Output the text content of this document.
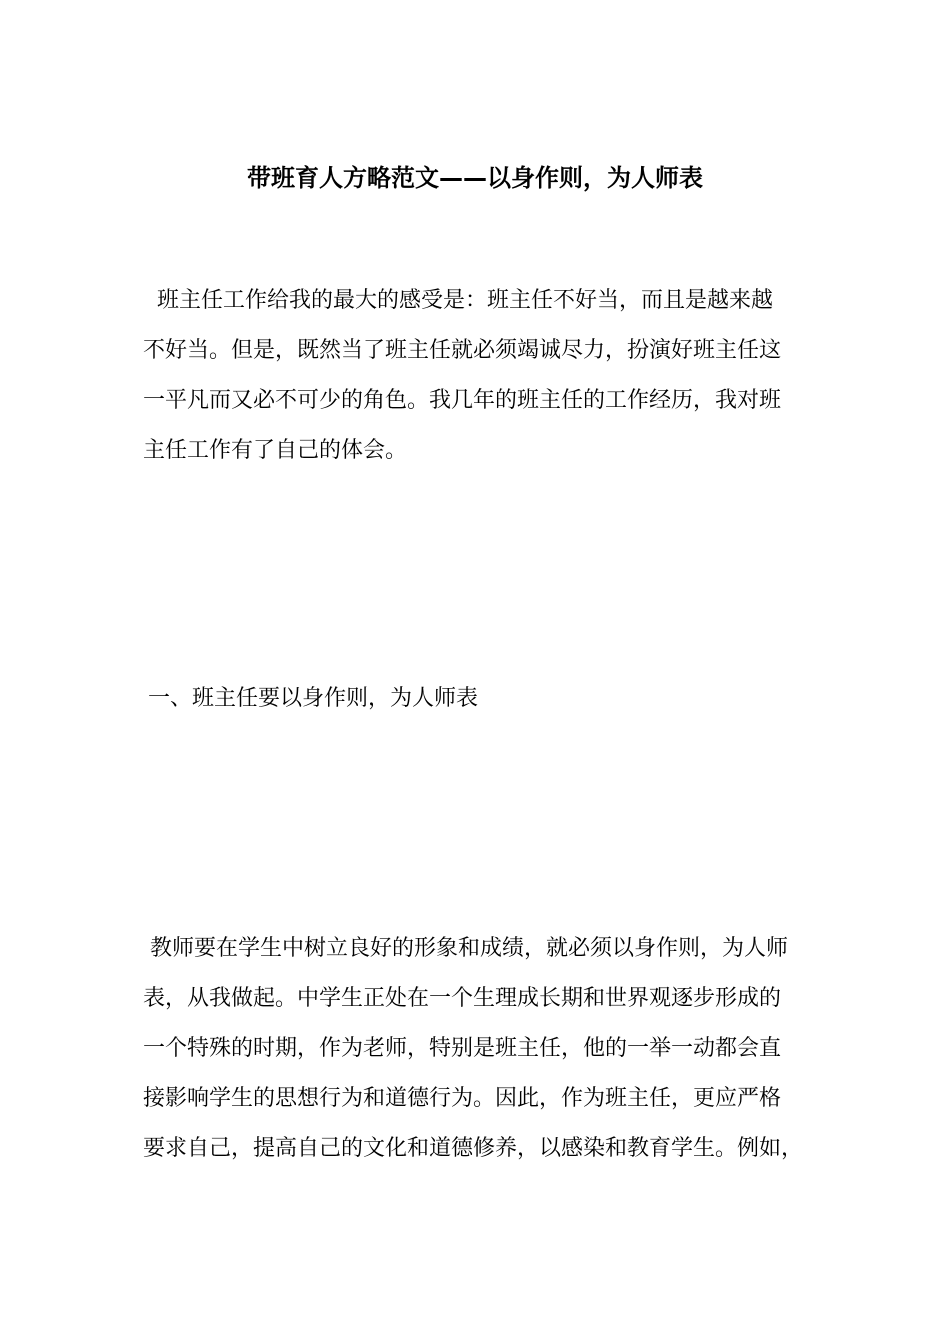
带班育人方略范文——以身作则，为人师表
班主任工作给我的最大的感受是：班主任不好当，而且是越来越
不好当。但是，既然当了班主任就必须竭诚尽力，扮演好班主任这
一平凡而又必不可少的角色。我几年的班主任的工作经历，我对班
主任工作有了自己的体会。
一、班主任要以身作则，为人师表
教师要在学生中树立良好的形象和成绩，就必须以身作则，为人师
表，从我做起。中学生正处在一个生理成长期和世界观逐步形成的
一个特殊的时期，作为老师，特别是班主任，他的一举一动都会直
接影响学生的思想行为和道德行为。因此，作为班主任，更应严格
要求自己，提高自己的文化和道德修养，以感染和教育学生。例如，
